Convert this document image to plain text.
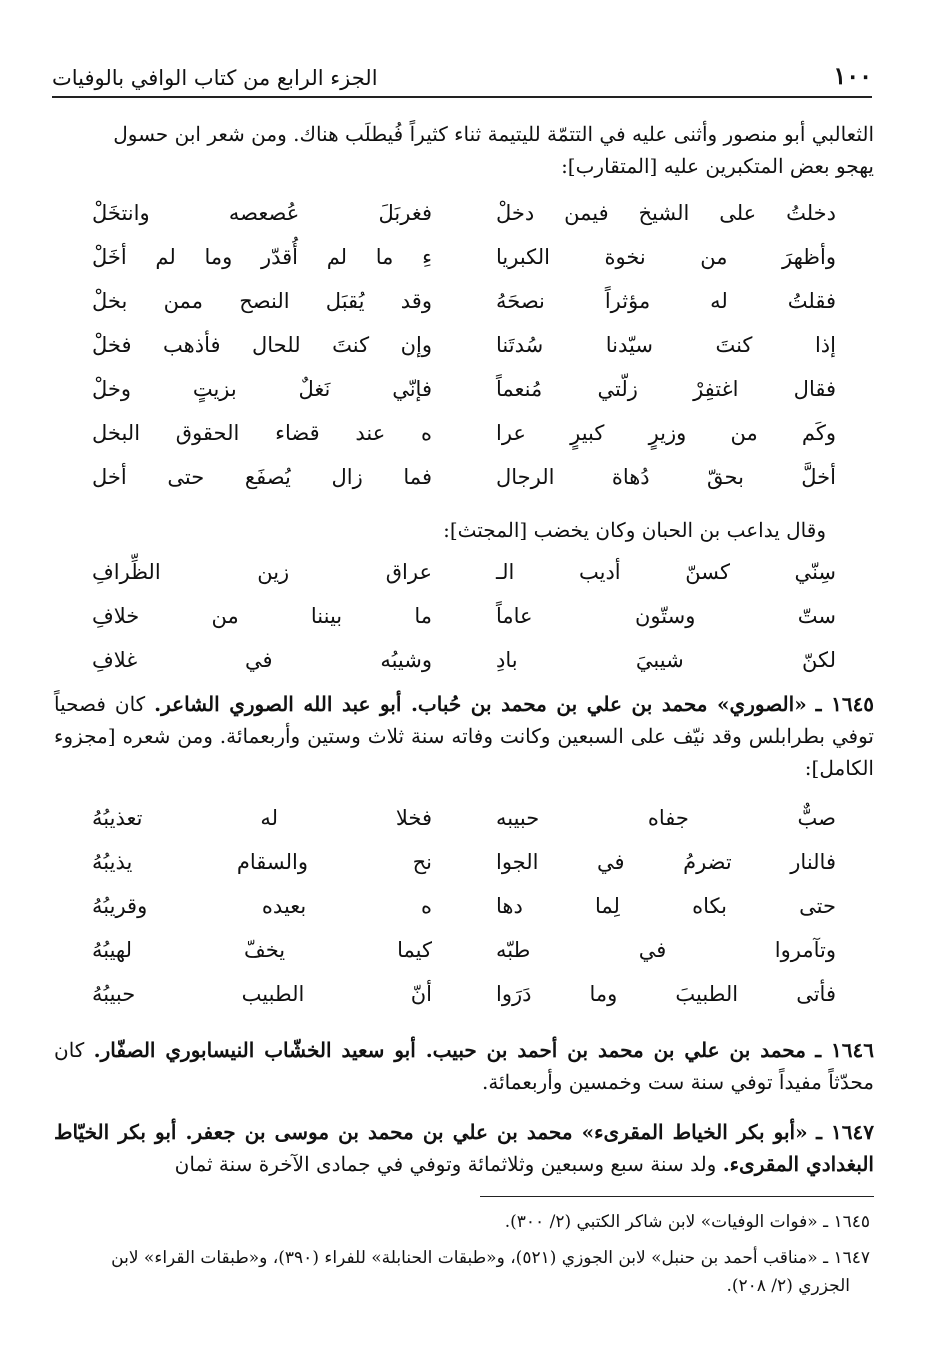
١٠٠
الجزء الرابع من كتاب الوافي بالوفيات
الثعالبي أبو منصور وأثنى عليه في التتمّة لليتيمة ثناء كثيراً فُيطلَب هناك. ومن شعر ابن حسول
يهجو بعض المتكبرين عليه [المتقارب]:
دخلتُ على الشيخ فيمن دخلْ
فغربَلَ عُصعصه وانتخَلْ
وأظهرَ من نخوة الكبريا
ءِ ما لم أُقدّر وما لم أخَلْ
فقلتُ له مؤثراً نصحَهُ
وقد يُقبَل النصح ممن بخلْ
إذا كنتَ سيّدنا سُدتَنا
وإن كنتَ للحال فأذهب فخلْ
فقال اغتفِرْ زلّتي مُنعماً
فإنّي نَغلٌ بزيتٍ وخلْ
وكَم من وزيرٍ كبيرٍ عرا
ه عند قضاء الحقوق البخل
أخلَّ بحقّ دُهاة الرجال
فما زال يُصفَع حتى أخل
وقال يداعب بن الحبان وكان يخضب [المجتث]:
سِنّي كسنّ أديب الـ
عراق زين الظِّرافِ
ستّ وستّون عاماً
ما بيننا من خلافِ
لكنّ شيبيَ بادِ
وشيبُه في غلافِ
١٦٤٥ ـ «الصوري» محمد بن علي بن محمد بن حُباب. أبو عبد الله الصوري الشاعر. كان فصحياً توفي بطرابلس وقد نيّف على السبعين وكانت وفاته سنة ثلاث وستين وأربعمائة. ومن شعره [مجزوء الكامل]:
صبٌّ جفاه حبيبه
فخلا له تعذيبُهُ
فالنار تضرمُ في الجوا
نح والسقام يذيبُهُ
حتى بكاه لِما دها
ه بعيده وقريبُهُ
وتآمروا في طبّه
كيما يخفّ لهيبُهُ
فأتى الطبيبَ وما دَرَوا
أنّ الطبيب حبيبُهُ
١٦٤٦ ـ محمد بن علي بن محمد بن أحمد بن حبيب. أبو سعيد الخشّاب النيسابوري الصفّار. كان محدّثاً مفيداً توفي سنة ست وخمسين وأربعمائة.
١٦٤٧ ـ «أبو بكر الخياط المقرىء» محمد بن علي بن محمد بن موسى بن جعفر. أبو بكر الخيّاط البغدادي المقرىء. ولد سنة سبع وسبعين وثلاثمائة وتوفي في جمادى الآخرة سنة ثمان
١٦٤٥ ـ «فوات الوفيات» لابن شاكر الكتبي (٢/ ٣٠٠).
١٦٤٧ ـ «مناقب أحمد بن حنبل» لابن الجوزي (٥٢١)، و«طبقات الحنابلة» للفراء (٣٩٠)، و«طبقات القراء» لابن
الجزري (٢/ ٢٠٨).
